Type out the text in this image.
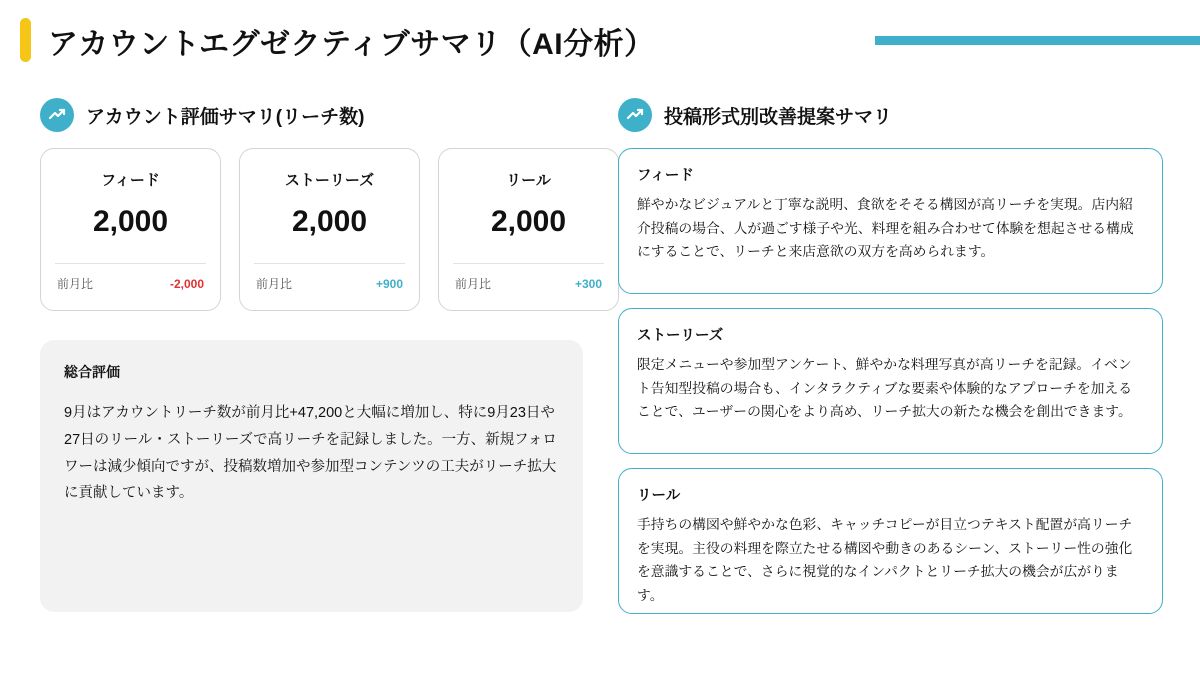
アカウントエグゼクティブサマリ（AI分析）
アカウント評価サマリ(リーチ数)
フィード
2,000
前月比	-2,000
ストーリーズ
2,000
前月比	+900
リール
2,000
前月比	+300
総合評価
9月はアカウントリーチ数が前月比+47,200と大幅に増加し、特に9月23日や27日のリール・ストーリーズで高リーチを記録しました。一方、新規フォロワーは減少傾向ですが、投稿数増加や参加型コンテンツの工夫がリーチ拡大に貢献しています。
投稿形式別改善提案サマリ
フィード
鮮やかなビジュアルと丁寧な説明、食欲をそそる構図が高リーチを実現。店内紹介投稿の場合、人が過ごす様子や光、料理を組み合わせて体験を想起させる構成にすることで、リーチと来店意欲の双方を高められます。
ストーリーズ
限定メニューや参加型アンケート、鮮やかな料理写真が高リーチを記録。イベント告知型投稿の場合も、インタラクティブな要素や体験的なアプローチを加えることで、ユーザーの関心をより高め、リーチ拡大の新たな機会を創出できます。
リール
手持ちの構図や鮮やかな色彩、キャッチコピーが目立つテキスト配置が高リーチを実現。主役の料理を際立たせる構図や動きのあるシーン、ストーリー性の強化を意識することで、さらに視覚的なインパクトとリーチ拡大の機会が広がります。
